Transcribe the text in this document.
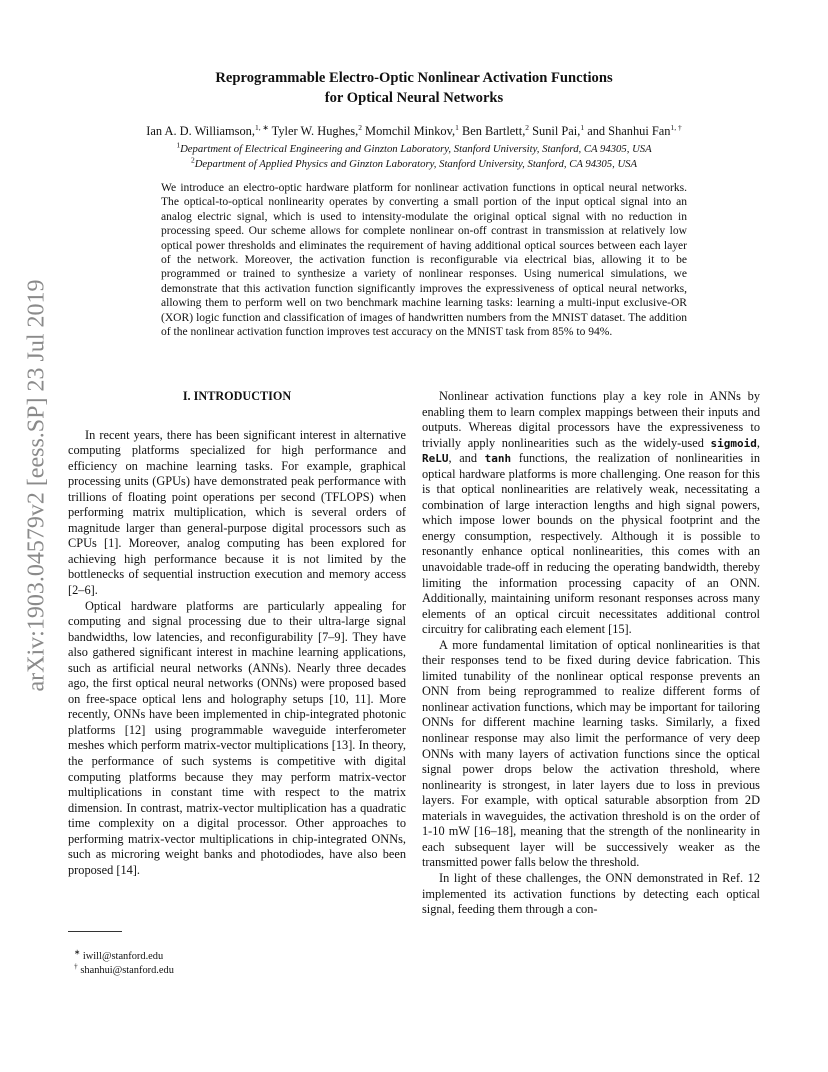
arXiv:1903.04579v2 [eess.SP] 23 Jul 2019
Reprogrammable Electro-Optic Nonlinear Activation Functions
for Optical Neural Networks
Ian A. D. Williamson,$^{1, ∗}$ Tyler W. Hughes,$^2$ Momchil Minkov,$^1$ Ben Bartlett,$^2$ Sunil Pai,$^1$ and Shanhui Fan$^{1, \dagger}$
$^1$Department of Electrical Engineering and Ginzton Laboratory, Stanford University, Stanford, CA 94305, USA
$^2$Department of Applied Physics and Ginzton Laboratory, Stanford University, Stanford, CA 94305, USA
We introduce an electro-optic hardware platform for nonlinear activation functions in optical neural networks. The optical-to-optical nonlinearity operates by converting a small portion of the input optical signal into an analog electric signal, which is used to intensity-modulate the original optical signal with no reduction in processing speed. Our scheme allows for complete nonlinear on-off contrast in transmission at relatively low optical power thresholds and eliminates the requirement of having additional optical sources between each layer of the network. Moreover, the activation function is reconfigurable via electrical bias, allowing it to be programmed or trained to synthesize a variety of nonlinear responses. Using numerical simulations, we demonstrate that this activation function significantly improves the expressiveness of optical neural networks, allowing them to perform well on two benchmark machine learning tasks: learning a multi-input exclusive-OR (XOR) logic function and classification of images of handwritten numbers from the MNIST dataset. The addition of the nonlinear activation function improves test accuracy on the MNIST task from 85% to 94%.
I. INTRODUCTION

In recent years, there has been significant interest in alternative computing platforms specialized for high performance and efficiency on machine learning tasks. For example, graphical processing units (GPUs) have demonstrated peak performance with trillions of floating point operations per second (TFLOPS) when performing matrix multiplication, which is several orders of magnitude larger than general-purpose digital processors such as CPUs [1]. Moreover, analog computing has been explored for achieving high performance because it is not limited by the bottlenecks of sequential instruction execution and memory access [2–6].

Optical hardware platforms are particularly appealing for computing and signal processing due to their ultra-large signal bandwidths, low latencies, and reconfigurability [7–9]. They have also gathered significant interest in machine learning applications, such as artificial neural networks (ANNs). Nearly three decades ago, the first optical neural networks (ONNs) were proposed based on free-space optical lens and holography setups [10, 11]. More recently, ONNs have been implemented in chip-integrated photonic platforms [12] using programmable waveguide interferometer meshes which perform matrix-vector multiplications [13]. In theory, the performance of such systems is competitive with digital computing platforms because they may perform matrix-vector multiplications in constant time with respect to the matrix dimension. In contrast, matrix-vector multiplication has a quadratic time complexity on a digital processor. Other approaches to performing matrix-vector multiplications in chip-integrated ONNs, such as microring weight banks and photodiodes, have also been proposed [14].

Nonlinear activation functions play a key role in ANNs by enabling them to learn complex mappings between their inputs and outputs. Whereas digital processors have the expressiveness to trivially apply nonlinearities such as the widely-used sigmoid, ReLU, and tanh functions, the realization of nonlinearities in optical hardware platforms is more challenging. One reason for this is that optical nonlinearities are relatively weak, necessitating a combination of large interaction lengths and high signal powers, which impose lower bounds on the physical footprint and the energy consumption, respectively. Although it is possible to resonantly enhance optical nonlinearities, this comes with an unavoidable trade-off in reducing the operating bandwidth, thereby limiting the information processing capacity of an ONN. Additionally, maintaining uniform resonant responses across many elements of an optical circuit necessitates additional control circuitry for calibrating each element [15].

A more fundamental limitation of optical nonlinearities is that their responses tend to be fixed during device fabrication. This limited tunability of the nonlinear optical response prevents an ONN from being reprogrammed to realize different forms of nonlinear activation functions, which may be important for tailoring ONNs for different machine learning tasks. Similarly, a fixed nonlinear response may also limit the performance of very deep ONNs with many layers of activation functions since the optical signal power drops below the activation threshold, where nonlinearity is strongest, in later layers due to loss in previous layers. For example, with optical saturable absorption from 2D materials in waveguides, the activation threshold is on the order of 1-10 mW [16–18], meaning that the strength of the nonlinearity in each subsequent layer will be successively weaker as the transmitted power falls below the threshold.

In light of these challenges, the ONN demonstrated in Ref. 12 implemented its activation functions by detecting each optical signal, feeding them through a con-

∗ iwill@stanford.edu
† shanhui@stanford.edu
